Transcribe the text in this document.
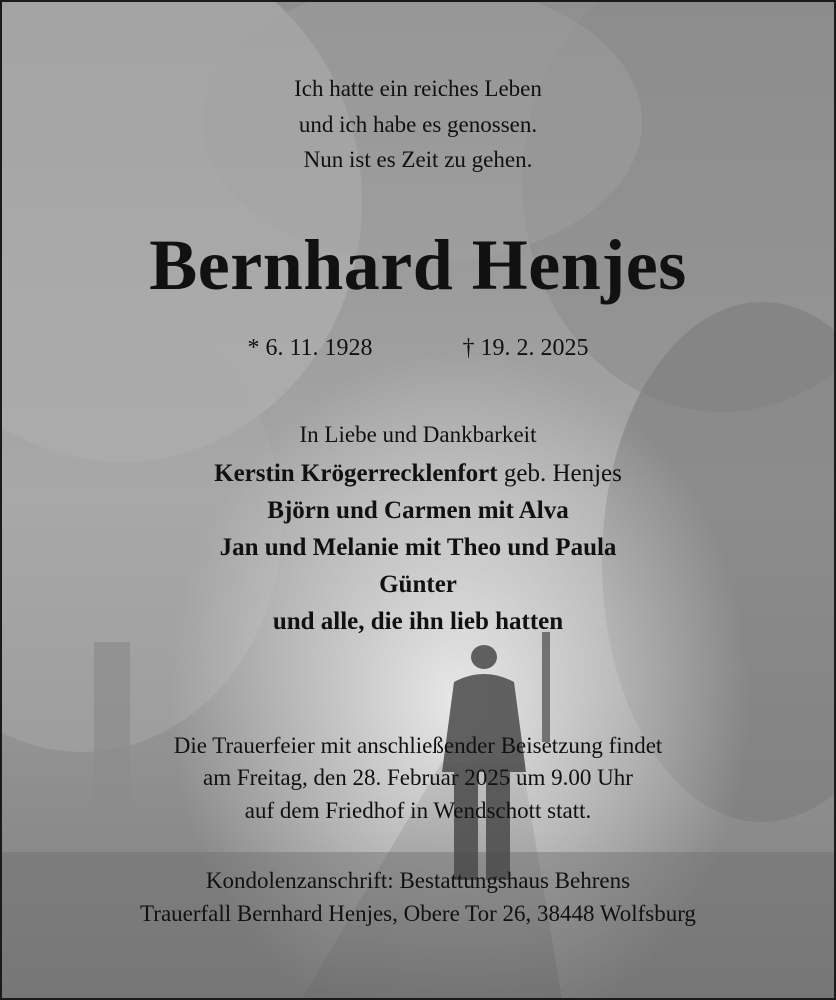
Ich hatte ein reiches Leben
und ich habe es genossen.
Nun ist es Zeit zu gehen.
Bernhard Henjes
* 6. 11. 1928	† 19. 2. 2025
In Liebe und Dankbarkeit
Kerstin Krögerrecklenfort geb. Henjes
Björn und Carmen mit Alva
Jan und Melanie mit Theo und Paula
Günter
und alle, die ihn lieb hatten
Die Trauerfeier mit anschließender Beisetzung findet
am Freitag, den 28. Februar 2025 um 9.00 Uhr
auf dem Friedhof in Wendschott statt.
Kondolenzanschrift: Bestattungshaus Behrens
Trauerfall Bernhard Henjes, Obere Tor 26, 38448 Wolfsburg
